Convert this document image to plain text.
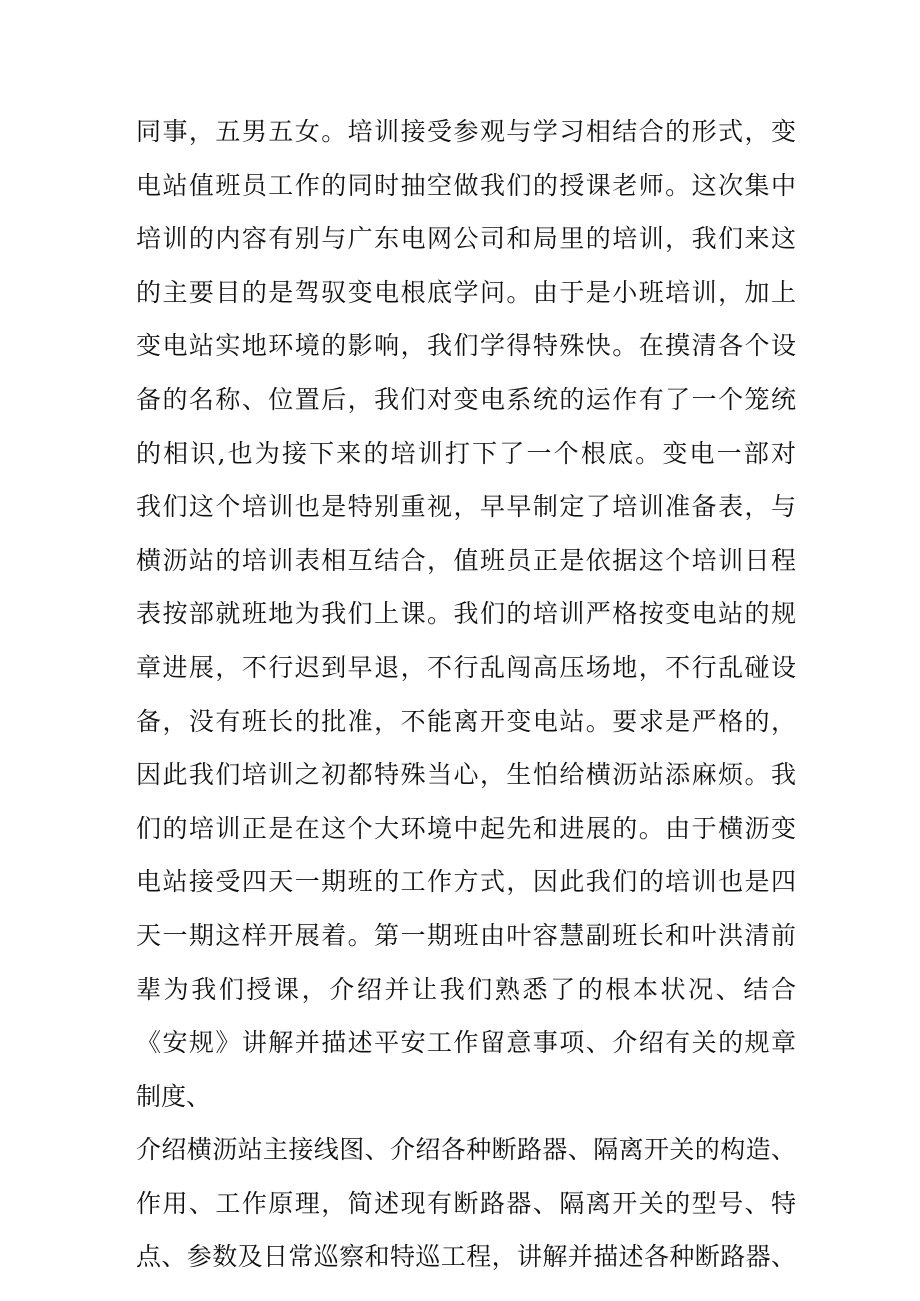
同事，五男五女。培训接受参观与学习相结合的形式，变
电站值班员工作的同时抽空做我们的授课老师。这次集中
培训的内容有别与广东电网公司和局里的培训，我们来这
的主要目的是驾驭变电根底学问。由于是小班培训，加上
变电站实地环境的影响，我们学得特殊快。在摸清各个设
备的名称、位置后，我们对变电系统的运作有了一个笼统
的相识,也为接下来的培训打下了一个根底。变电一部对
我们这个培训也是特别重视，早早制定了培训准备表，与
横沥站的培训表相互结合，值班员正是依据这个培训日程
表按部就班地为我们上课。我们的培训严格按变电站的规
章进展，不行迟到早退，不行乱闯高压场地，不行乱碰设
备，没有班长的批准，不能离开变电站。要求是严格的，
因此我们培训之初都特殊当心，生怕给横沥站添麻烦。我
们的培训正是在这个大环境中起先和进展的。由于横沥变
电站接受四天一期班的工作方式，因此我们的培训也是四
天一期这样开展着。第一期班由叶容慧副班长和叶洪清前
辈为我们授课，介绍并让我们熟悉了的根本状况、结合
《安规》讲解并描述平安工作留意事项、介绍有关的规章
制度、
介绍横沥站主接线图、介绍各种断路器、隔离开关的构造、
作用、工作原理，简述现有断路器、隔离开关的型号、特
点、参数及日常巡察和特巡工程，讲解并描述各种断路器、
